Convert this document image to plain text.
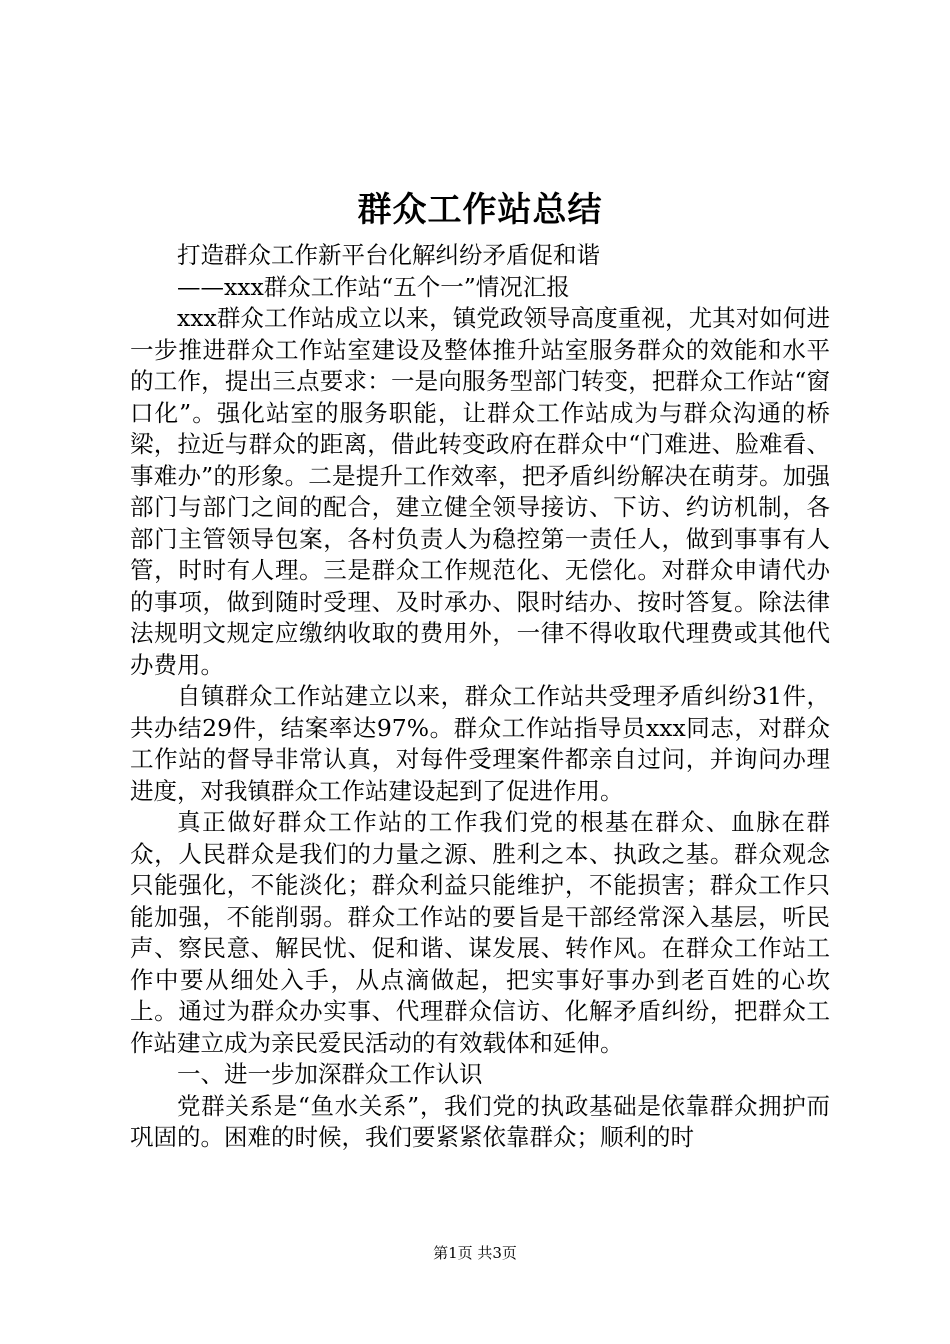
群众工作站总结

打造群众工作新平台化解纠纷矛盾促和谐

——xxx群众工作站“五个一”情况汇报

xxx群众工作站成立以来，镇党政领导高度重视，尤其对如何进一步推进群众工作站室建设及整体推升站室服务群众的效能和水平的工作，提出三点要求：一是向服务型部门转变，把群众工作站“窗口化”。强化站室的服务职能，让群众工作站成为与群众沟通的桥梁，拉近与群众的距离，借此转变政府在群众中“门难进、脸难看、事难办”的形象。二是提升工作效率，把矛盾纠纷解决在萌芽。加强部门与部门之间的配合，建立健全领导接访、下访、约访机制，各部门主管领导包案，各村负责人为稳控第一责任人，做到事事有人管，时时有人理。三是群众工作规范化、无偿化。对群众申请代办的事项，做到随时受理、及时承办、限时结办、按时答复。除法律法规明文规定应缴纳收取的费用外，一律不得收取代理费或其他代办费用。

自镇群众工作站建立以来，群众工作站共受理矛盾纠纷31件，共办结29件，结案率达97%。群众工作站指导员xxx同志，对群众工作站的督导非常认真，对每件受理案件都亲自过问，并询问办理进度，对我镇群众工作站建设起到了促进作用。

真正做好群众工作站的工作我们党的根基在群众、血脉在群众，人民群众是我们的力量之源、胜利之本、执政之基。群众观念只能强化，不能淡化；群众利益只能维护，不能损害；群众工作只能加强，不能削弱。群众工作站的要旨是干部经常深入基层，听民声、察民意、解民忧、促和谐、谋发展、转作风。在群众工作站工作中要从细处入手，从点滴做起，把实事好事办到老百姓的心坎上。通过为群众办实事、代理群众信访、化解矛盾纠纷，把群众工作站建立成为亲民爱民活动的有效载体和延伸。

一、进一步加深群众工作认识

党群关系是“鱼水关系”，我们党的执政基础是依靠群众拥护而巩固的。困难的时候，我们要紧紧依靠群众；顺利的时

第1页 共3页
